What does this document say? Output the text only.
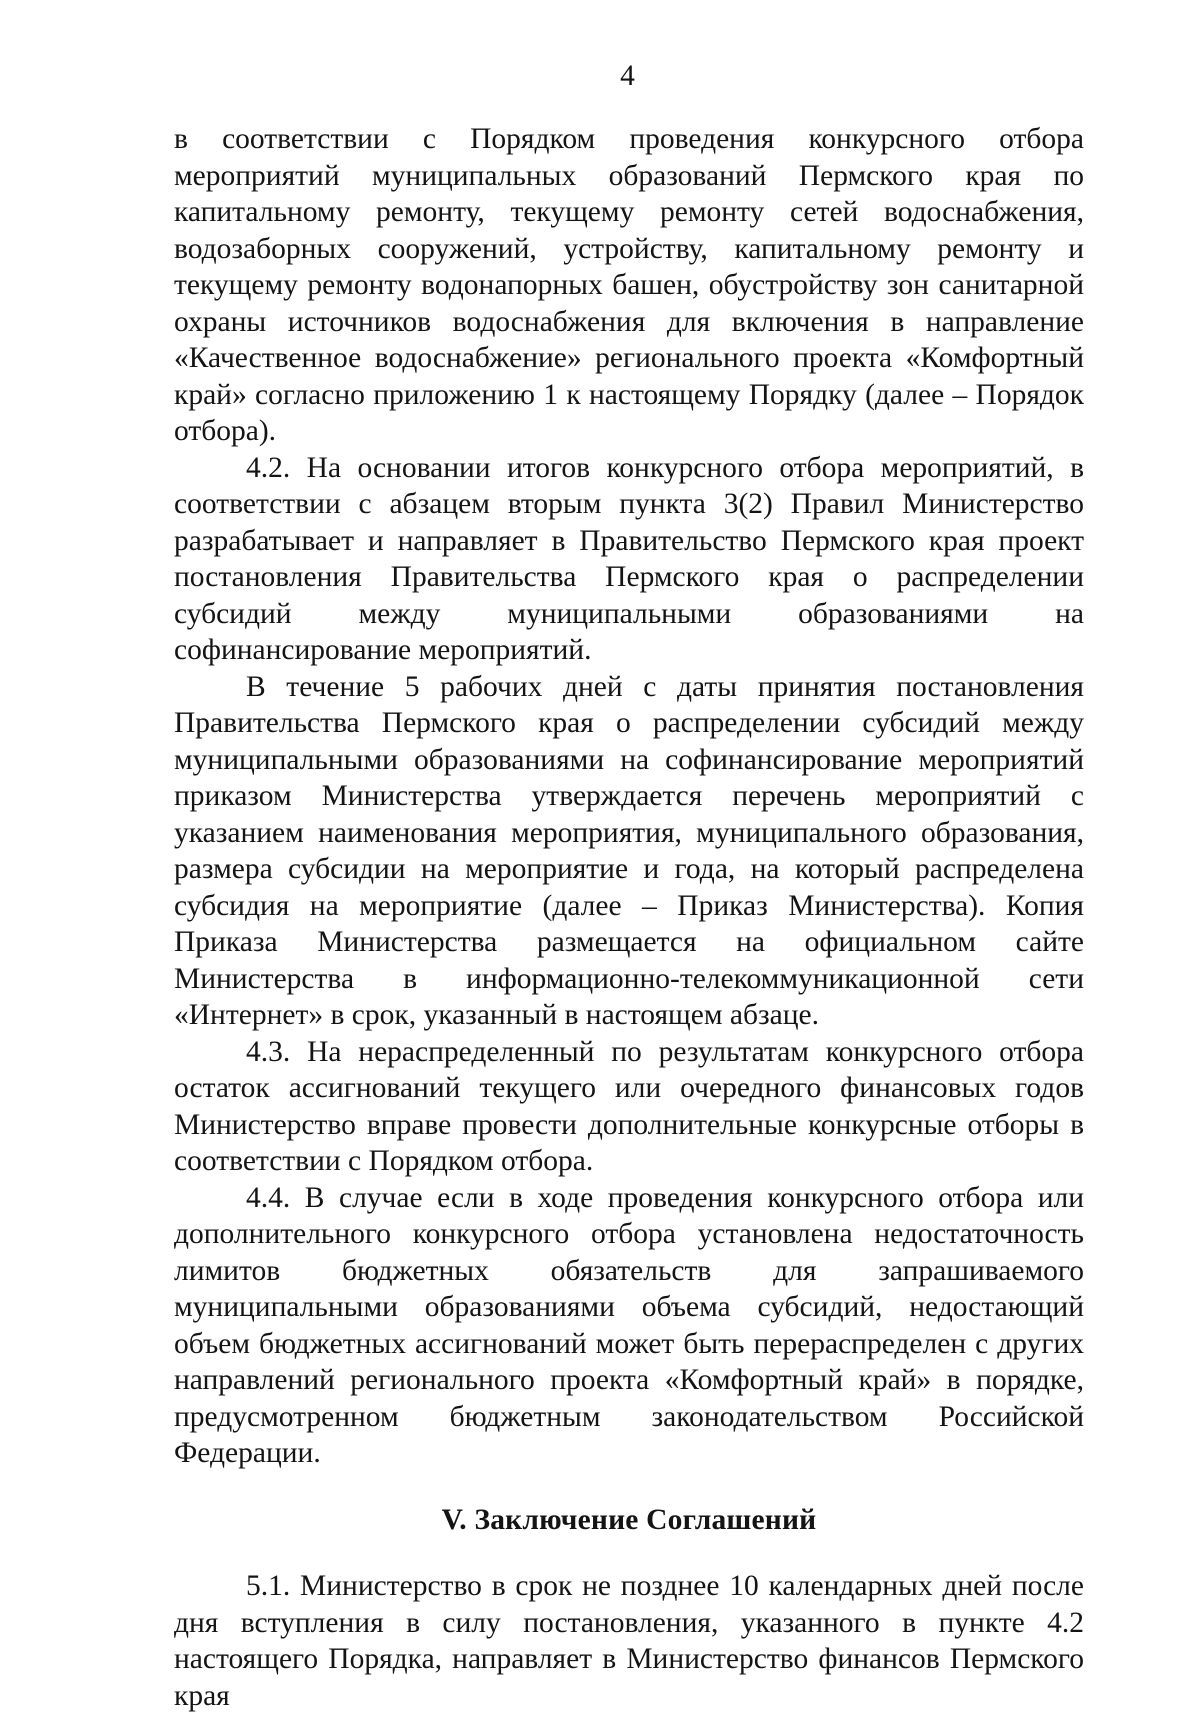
4

в соответствии с Порядком проведения конкурсного отбора мероприятий муниципальных образований Пермского края по капитальному ремонту, текущему ремонту сетей водоснабжения, водозаборных сооружений, устройству, капитальному ремонту и текущему ремонту водонапорных башен, обустройству зон санитарной охраны источников водоснабжения для включения в направление «Качественное водоснабжение» регионального проекта «Комфортный край» согласно приложению 1 к настоящему Порядку (далее – Порядок отбора).

4.2. На основании итогов конкурсного отбора мероприятий, в соответствии с абзацем вторым пункта 3(2) Правил Министерство разрабатывает и направляет в Правительство Пермского края проект постановления Правительства Пермского края о распределении субсидий между муниципальными образованиями на софинансирование мероприятий.

В течение 5 рабочих дней с даты принятия постановления Правительства Пермского края о распределении субсидий между муниципальными образованиями на софинансирование мероприятий приказом Министерства утверждается перечень мероприятий с указанием наименования мероприятия, муниципального образования, размера субсидии на мероприятие и года, на который распределена субсидия на мероприятие (далее – Приказ Министерства). Копия Приказа Министерства размещается на официальном сайте Министерства в информационно-телекоммуникационной сети «Интернет» в срок, указанный в настоящем абзаце.

4.3. На нераспределенный по результатам конкурсного отбора остаток ассигнований текущего или очередного финансовых годов Министерство вправе провести дополнительные конкурсные отборы в соответствии с Порядком отбора.

4.4. В случае если в ходе проведения конкурсного отбора или дополнительного конкурсного отбора установлена недостаточность лимитов бюджетных обязательств для запрашиваемого муниципальными образованиями объема субсидий, недостающий объем бюджетных ассигнований может быть перераспределен с других направлений регионального проекта «Комфортный край» в порядке, предусмотренном бюджетным законодательством Российской Федерации.

V. Заключение Соглашений

5.1. Министерство в срок не позднее 10 календарных дней после дня вступления в силу постановления, указанного в пункте 4.2 настоящего Порядка, направляет в Министерство финансов Пермского края
